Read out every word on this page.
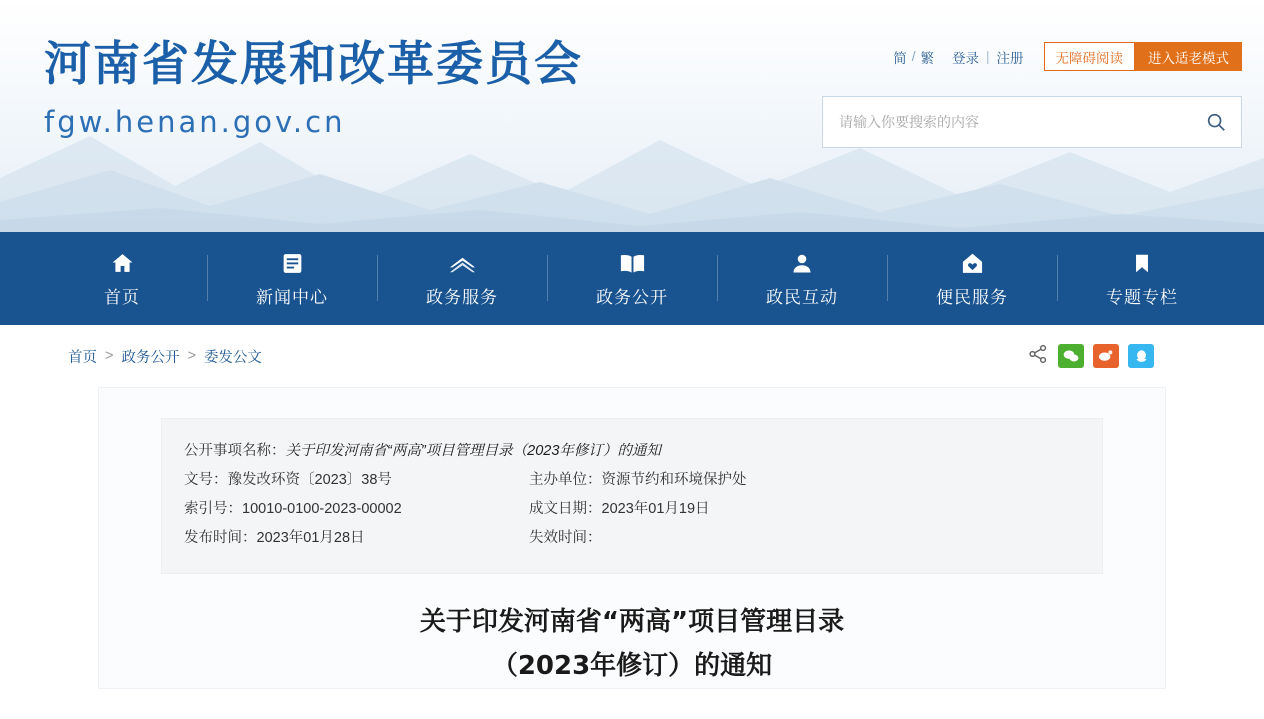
河南省发展和改革委员会
fgw.henan.gov.cn
简 / 繁 登录 | 注册	无障碍阅读	进入适老模式
请输入你要搜索的内容
首页	新闻中心	政务服务	政务公开	政民互动	便民服务	专题专栏
首页 > 政务公开 > 委发公文
公开事项名称：关于印发河南省“两高”项目管理目录（2023年修订）的通知
文号：豫发改环资〔2023〕38号	主办单位：资源节约和环境保护处
索引号：10010-0100-2023-00002	成文日期：2023年01月19日
发布时间：2023年01月28日	失效时间：
关于印发河南省“两高”项目管理目录
（2023年修订）的通知
